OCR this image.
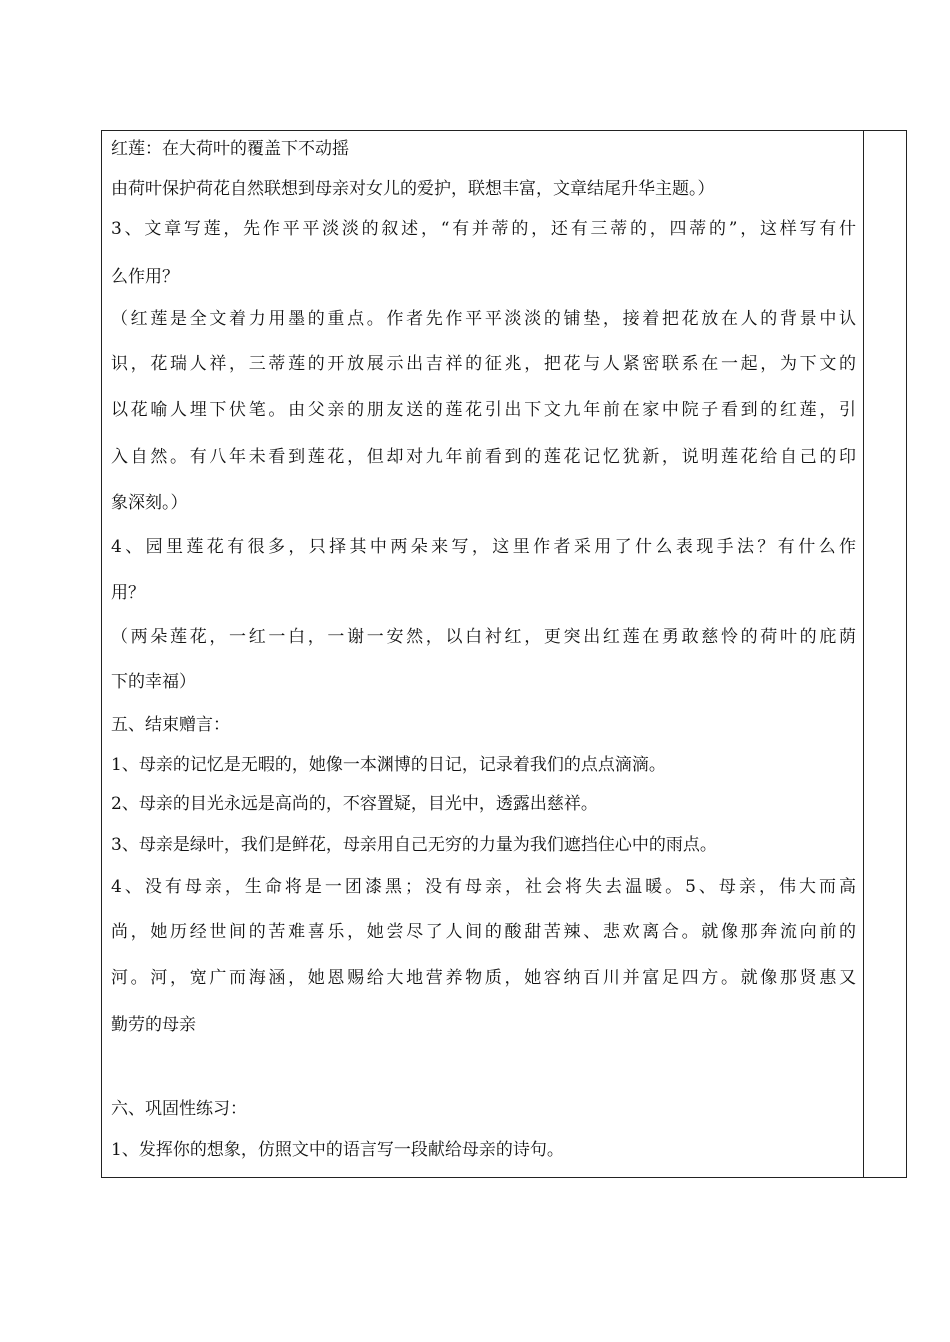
红莲：在大荷叶的覆盖下不动摇
由荷叶保护荷花自然联想到母亲对女儿的爱护，联想丰富，文章结尾升华主题。）
3、文章写莲，先作平平淡淡的叙述，“有并蒂的，还有三蒂的，四蒂的”，这样写有什
么作用？
（红莲是全文着力用墨的重点。作者先作平平淡淡的铺垫，接着把花放在人的背景中认
识，花瑞人祥，三蒂莲的开放展示出吉祥的征兆，把花与人紧密联系在一起，为下文的
以花喻人埋下伏笔。由父亲的朋友送的莲花引出下文九年前在家中院子看到的红莲，引
入自然。有八年未看到莲花，但却对九年前看到的莲花记忆犹新，说明莲花给自己的印
象深刻。）
4、园里莲花有很多，只择其中两朵来写，这里作者采用了什么表现手法？有什么作
用？
（两朵莲花，一红一白，一谢一安然，以白衬红，更突出红莲在勇敢慈怜的荷叶的庇荫
下的幸福）
五、结束赠言：
1、母亲的记忆是无暇的，她像一本渊博的日记，记录着我们的点点滴滴。
2、母亲的目光永远是高尚的，不容置疑，目光中，透露出慈祥。
3、母亲是绿叶，我们是鲜花，母亲用自己无穷的力量为我们遮挡住心中的雨点。
4、没有母亲，生命将是一团漆黑；没有母亲，社会将失去温暖。5、母亲，伟大而高
尚，她历经世间的苦难喜乐，她尝尽了人间的酸甜苦辣、悲欢离合。就像那奔流向前的
河。河，宽广而海涵，她恩赐给大地营养物质，她容纳百川并富足四方。就像那贤惠又
勤劳的母亲
六、巩固性练习：
1、发挥你的想象，仿照文中的语言写一段献给母亲的诗句。
